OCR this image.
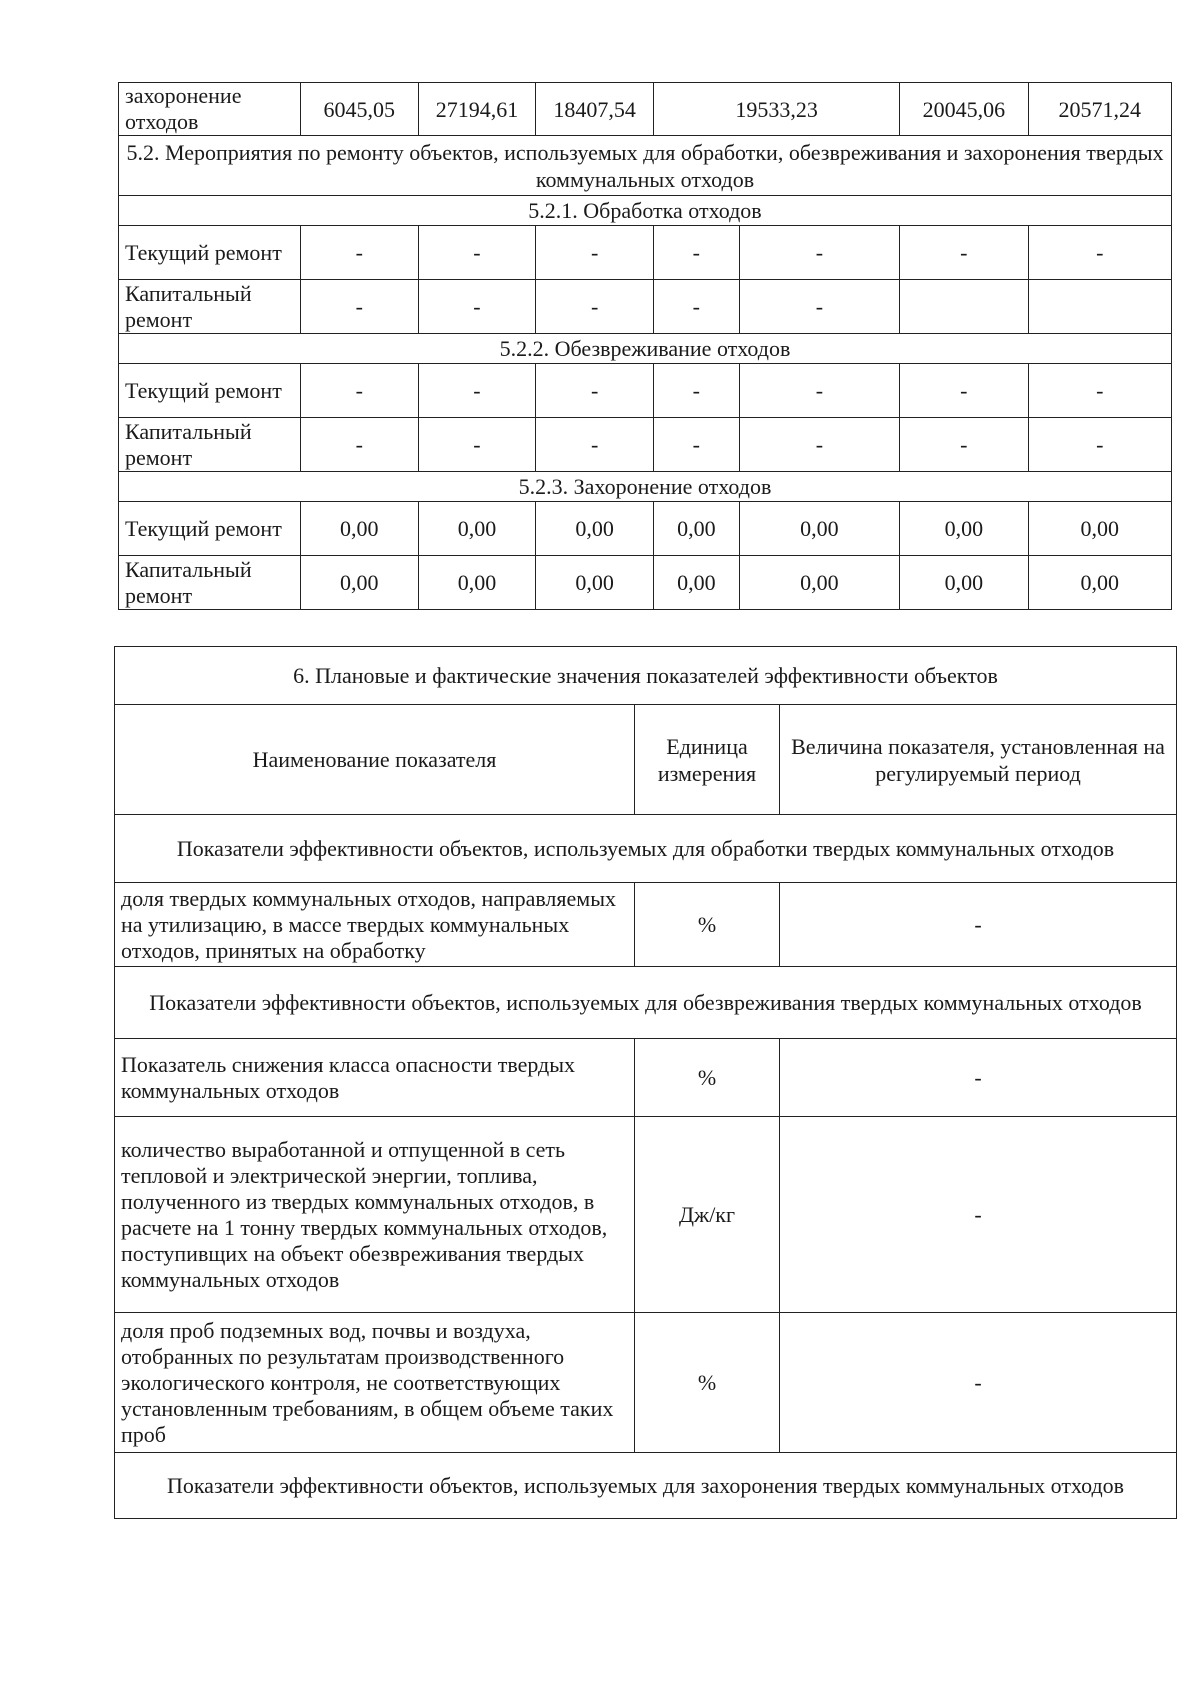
захоронение отходов	6045,05	27194,61	18407,54	19533,23		20045,06	20571,24
5.2. Мероприятия по ремонту объектов, используемых для обработки, обезвреживания и захоронения твердых коммунальных отходов							
5.2.1. Обработка отходов							
Текущий ремонт	-	-	-	-	-	-	-
Капитальный ремонт	-	-	-	-	-		
5.2.2. Обезвреживание отходов							
Текущий ремонт	-	-	-	-	-	-	-
Капитальный ремонт	-	-	-	-	-	-	-
5.2.3. Захоронение отходов							
Текущий ремонт	0,00	0,00	0,00	0,00	0,00	0,00	0,00
Капитальный ремонт	0,00	0,00	0,00	0,00	0,00	0,00	0,00
6. Плановые и фактические значения показателей эффективности объектов		
Наименование показателя	Единица измерения	Величина показателя, установленная на регулируемый период
Показатели эффективности объектов, используемых для обработки твердых коммунальных отходов		
доля твердых коммунальных отходов, направляемых на утилизацию, в массе твердых коммунальных отходов, принятых на обработку	%	-
Показатели эффективности объектов, используемых для обезвреживания твердых коммунальных отходов		
Показатель снижения класса опасности твердых коммунальных отходов	%	-
количество выработанной и отпущенной в сеть тепловой и электрической энергии, топлива, полученного из твердых коммунальных отходов, в расчете на 1 тонну твердых коммунальных отходов, поступивщих на объект обезвреживания твердых коммунальных отходов	Дж/кг	-
доля проб подземных вод, почвы и воздуха, отобранных по результатам производственного экологического контроля, не соответствующих установленным требованиям, в общем объеме таких проб	%	-
Показатели эффективности объектов, используемых для захоронения твердых коммунальных отходов		
